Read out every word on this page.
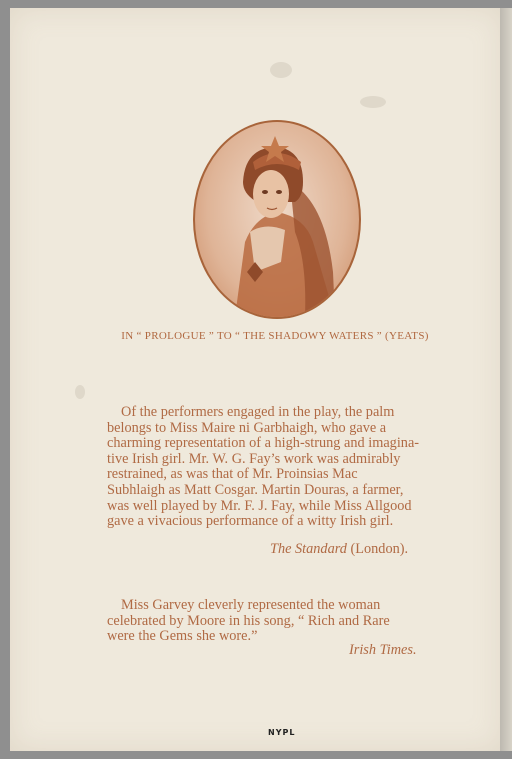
IN “ PROLOGUE ” TO “ THE SHADOWY WATERS ” (YEATS)
Of the performers engaged in the play, the palm
belongs to Miss Maire ni Garbhaigh, who gave a
charming representation of a high-strung and imagina-
tive Irish girl. Mr. W. G. Fay’s work was admirably
restrained, as was that of Mr. Proinsias Mac
Subhlaigh as Matt Cosgar. Martin Douras, a farmer,
was well played by Mr. F. J. Fay, while Miss Allgood
gave a vivacious performance of a witty Irish girl.
The Standard (London).
Miss Garvey cleverly represented the woman
celebrated by Moore in his song, “ Rich and Rare
were the Gems she wore.”
Irish Times.
NYPL
